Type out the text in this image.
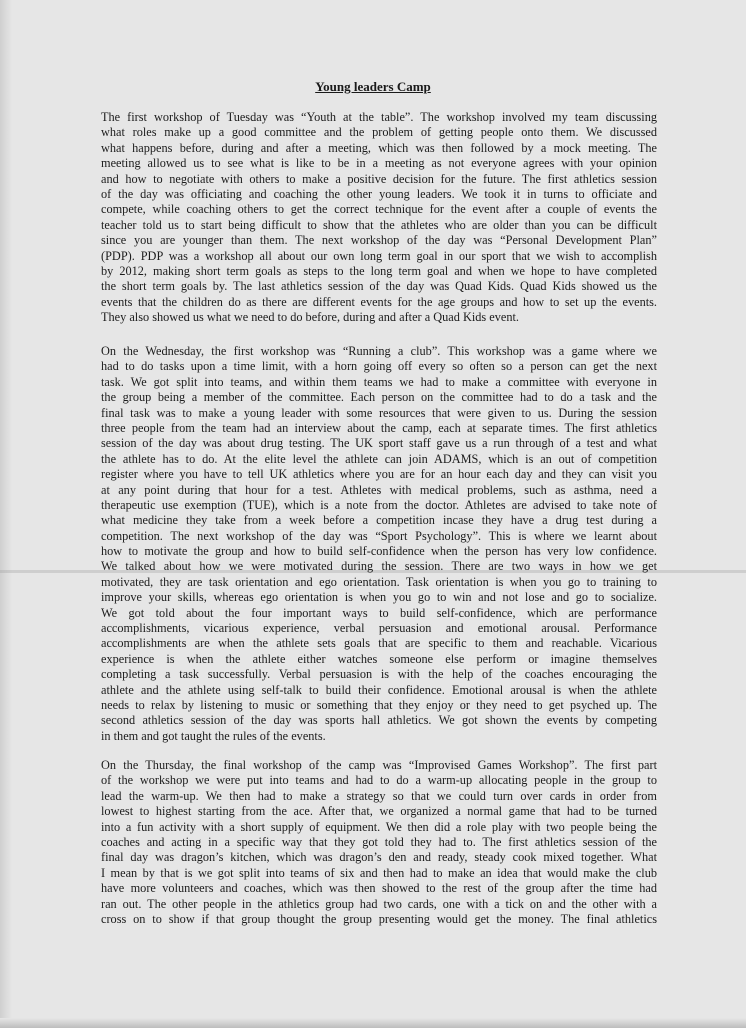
Young leaders Camp

The first workshop of Tuesday was “Youth at the table”. The workshop involved my team discussing
what roles make up a good committee and the problem of getting people onto them. We discussed
what happens before, during and after a meeting, which was then followed by a mock meeting. The
meeting allowed us to see what is like to be in a meeting as not everyone agrees with your opinion
and how to negotiate with others to make a positive decision for the future. The first athletics session
of the day was officiating and coaching the other young leaders. We took it in turns to officiate and
compete, while coaching others to get the correct technique for the event after a couple of events the
teacher told us to start being difficult to show that the athletes who are older than you can be difficult
since you are younger than them. The next workshop of the day was “Personal Development Plan”
(PDP). PDP was a workshop all about our own long term goal in our sport that we wish to accomplish
by 2012, making short term goals as steps to the long term goal and when we hope to have completed
the short term goals by. The last athletics session of the day was Quad Kids. Quad Kids showed us the
events that the children do as there are different events for the age groups and how to set up the events.
They also showed us what we need to do before, during and after a Quad Kids event.

On the Wednesday, the first workshop was “Running a club”. This workshop was a game where we
had to do tasks upon a time limit, with a horn going off every so often so a person can get the next
task. We got split into teams, and within them teams we had to make a committee with everyone in
the group being a member of the committee. Each person on the committee had to do a task and the
final task was to make a young leader with some resources that were given to us. During the session
three people from the team had an interview about the camp, each at separate times. The first athletics
session of the day was about drug testing. The UK sport staff gave us a run through of a test and what
the athlete has to do. At the elite level the athlete can join ADAMS, which is an out of competition
register where you have to tell UK athletics where you are for an hour each day and they can visit you
at any point during that hour for a test. Athletes with medical problems, such as asthma, need a
therapeutic use exemption (TUE), which is a note from the doctor. Athletes are advised to take note of
what medicine they take from a week before a competition incase they have a drug test during a
competition. The next workshop of the day was “Sport Psychology”. This is where we learnt about
how to motivate the group and how to build self-confidence when the person has very low confidence.
We talked about how we were motivated during the session. There are two ways in how we get
motivated, they are task orientation and ego orientation. Task orientation is when you go to training to
improve your skills, whereas ego orientation is when you go to win and not lose and go to socialize.
We got told about the four important ways to build self-confidence, which are performance
accomplishments, vicarious experience, verbal persuasion and emotional arousal. Performance
accomplishments are when the athlete sets goals that are specific to them and reachable. Vicarious
experience is when the athlete either watches someone else perform or imagine themselves
completing a task successfully. Verbal persuasion is with the help of the coaches encouraging the
athlete and the athlete using self-talk to build their confidence. Emotional arousal is when the athlete
needs to relax by listening to music or something that they enjoy or they need to get psyched up. The
second athletics session of the day was sports hall athletics. We got shown the events by competing
in them and got taught the rules of the events.

On the Thursday, the final workshop of the camp was “Improvised Games Workshop”. The first part
of the workshop we were put into teams and had to do a warm-up allocating people in the group to
lead the warm-up. We then had to make a strategy so that we could turn over cards in order from
lowest to highest starting from the ace. After that, we organized a normal game that had to be turned
into a fun activity with a short supply of equipment. We then did a role play with two people being the
coaches and acting in a specific way that they got told they had to. The first athletics session of the
final day was dragon’s kitchen, which was dragon’s den and ready, steady cook mixed together. What
I mean by that is we got split into teams of six and then had to make an idea that would make the club
have more volunteers and coaches, which was then showed to the rest of the group after the time had
ran out. The other people in the athletics group had two cards, one with a tick on and the other with a
cross on to show if that group thought the group presenting would get the money. The final athletics
